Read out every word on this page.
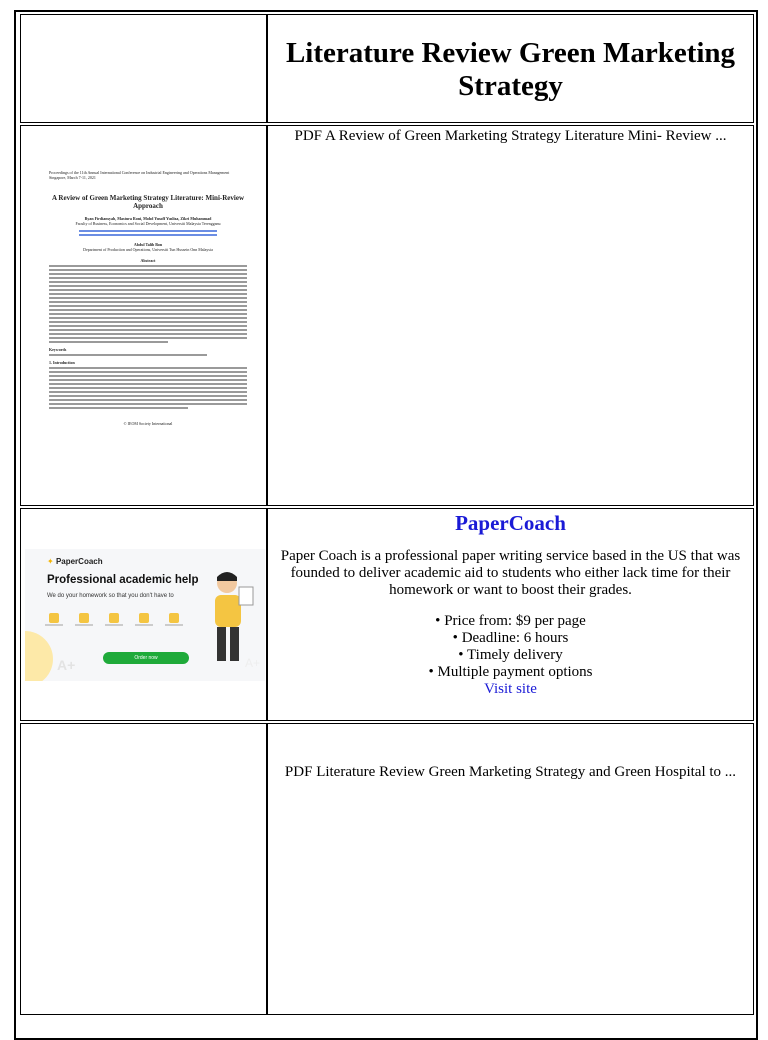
Literature Review Green Marketing Strategy
Proceedings of the 11th Annual International Conference on Industrial Engineering and Operations Management Singapore, March 7-11, 2021
A Review of Green Marketing Strategy Literature: Mini-Review Approach
Ryan Firdiansyah, Mastura Roni, Mohd Yusoff Yusliza, Zikri Muhammad
Faculty of Business, Economics and Social Development, Universiti Malaysia Terengganu
Abdul Talib Bon
Department of Production and Operations, Universiti Tun Hussein Onn Malaysia
Abstract
Keywords
1. Introduction
© IEOM Society International
PDF A Review of Green Marketing Strategy Literature Mini- Review ...
✦ PaperCoach
Professional academic help
We do your homework so that you don't have to
A+
Order now
A+
PaperCoach
Paper Coach is a professional paper writing service based in the US that was founded to deliver academic aid to students who either lack time for their homework or want to boost their grades.
• Price from: $9 per page
• Deadline: 6 hours
• Timely delivery
• Multiple payment options
Visit site
PDF Literature Review Green Marketing Strategy and Green Hospital to ...
